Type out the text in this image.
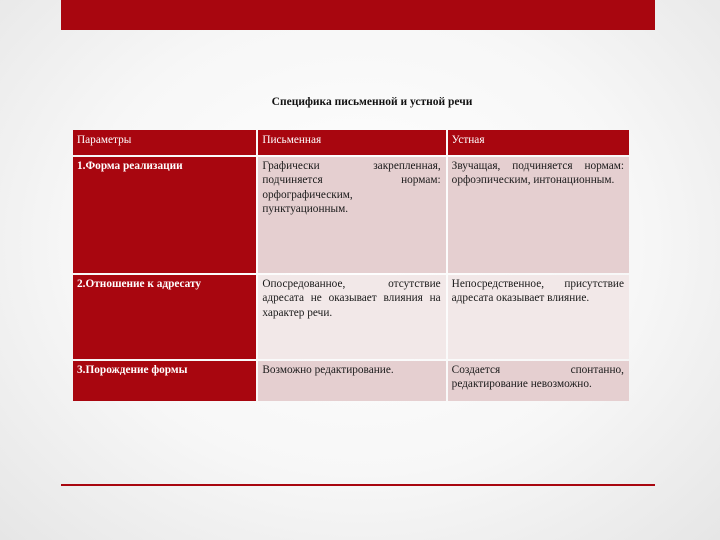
Специфика письменной и устной речи
Параметры	Письменная	Устная
1.Форма реализации	Графически закрепленная, подчиняется нормам: орфографическим, пунктуационным.	Звучащая, подчиняется нормам: орфоэпическим, интонационным.
2.Отношение к адресату	Опосредованное, отсутствие адресата не оказывает влияния на характер речи.	Непосредственное, присутствие адресата оказывает влияние.
3.Порождение формы	Возможно редактирование.	Создается спонтанно, редактирование невозможно.
